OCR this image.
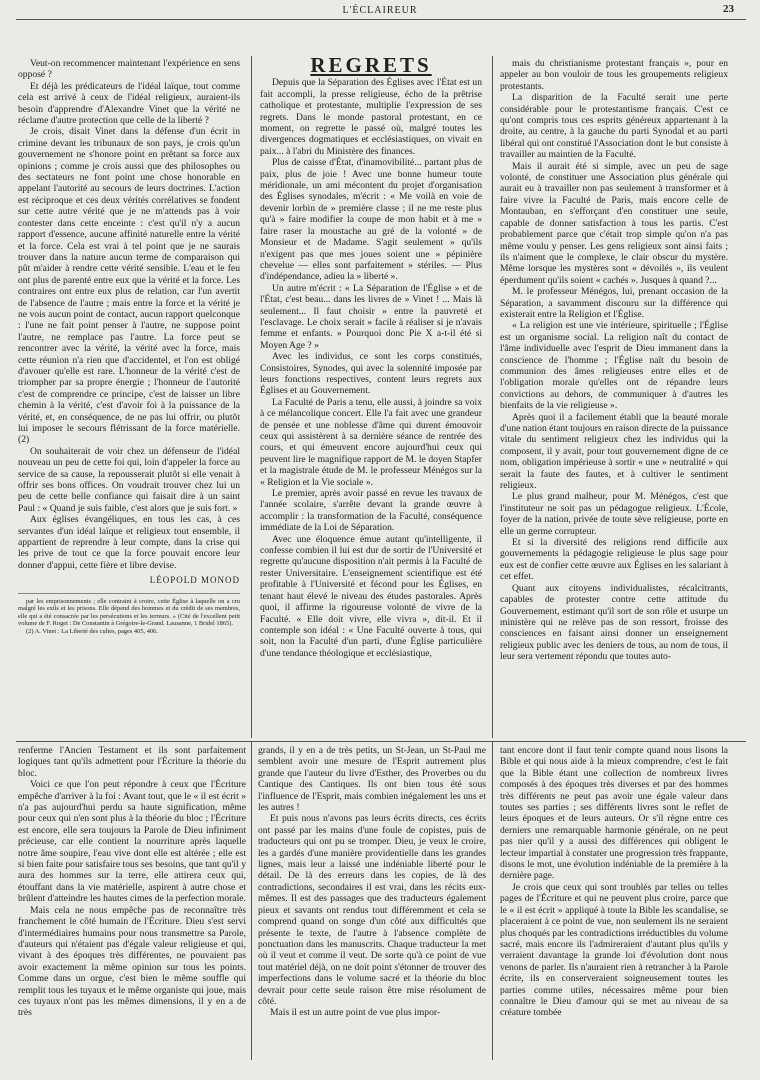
L'ÉCLAIREUR	23

Veut-on recommencer maintenant l'expérience en sens opposé ?

Et déjà les prédicateurs de l'idéal laïque, tout comme cela est arrivé à ceux de l'idéal religieux, auraient-ils besoin d'apprendre d'Alexandre Vinet que la vérité ne réclame d'autre protection que celle de la liberté ?

Je crois, disait Vinet dans la défense d'un écrit in crimine devant les tribunaux de son pays, je crois qu'un gouvernement ne s'honore point en prêtant sa force aux opinions ; comme je crois aussi que des philosophes ou des sectateurs ne font point une chose honorable en appelant l'autorité au secours de leurs doctrines. L'action est réciproque et ces deux vérités corrélatives se fondent sur cette autre vérité que je ne m'attends pas à voir contester dans cette enceinte : c'est qu'il n'y a aucun rapport d'essence, aucune affinité naturelle entre la vérité et la force. Cela est vrai à tel point que je ne saurais trouver dans la nature aucun terme de comparaison qui pût m'aider à rendre cette vérité sensible. L'eau et le feu ont plus de parenté entre eux que la vérité et la force. Les contraires ont entre eux plus de relation, car l'un avertit de l'absence de l'autre ; mais entre la force et la vérité je ne vois aucun point de contact, aucun rapport quelconque : l'une ne fait point penser à l'autre, ne suppose point l'autre, ne remplace pas l'autre. La force peut se rencontrer avec la vérité, la vérité avec la force, mais cette réunion n'a rien que d'accidentel, et l'on est obligé d'avouer qu'elle est rare. L'honneur de la vérité c'est de triompher par sa propre énergie ; l'honneur de l'autorité c'est de comprendre ce principe, c'est de laisser un libre chemin à la vérité, c'est d'avoir foi à la puissance de la vérité, et, en conséquence, de ne pas lui offrir, ou plutôt lui imposer le secours flétrissant de la force matérielle. (2)

On souhaiterait de voir chez un défenseur de l'idéal nouveau un peu de cette foi qui, loin d'appeler la force au service de sa cause, la repousserait plutôt si elle venait à offrir ses bons offices. On voudrait trouver chez lui un peu de cette belle confiance qui faisait dire à un saint Paul : « Quand je suis faible, c'est alors que je suis fort. »

Aux églises évangéliques, en tous les cas, à ces servantes d'un idéal laïque et religieux tout ensemble, il appartient de reprendre à leur compte, dans la crise qui les prive de tout ce que la force pouvait encore leur donner d'appui, cette fière et libre devise.

LÉOPOLD MONOD

par les emprisonnements ; elle contraint à croire, cette Église à laquelle on a cru malgré les exils et les prisons. Elle dépend des hommes et du crédit de ses membres, elle qui a été consacrée par les persécutions et les terreurs. » (Cité de l'excellent petit volume de F. Roget : De Constantin à Grégoire-le-Grand. Lausanne, 1 Bridel 1865).

(2) A. Vinet : La Liberté des cultes, pages 405, 406.

REGRETS

Depuis que la Séparation des Églises avec l'État est un fait accompli, la presse religieuse, écho de la prêtrise catholique et protestante, multiplie l'expression de ses regrets. Dans le monde pastoral protestant, en ce moment, on regrette le passé où, malgré toutes les divergences dogmatiques et ecclésiastiques, on vivait en paix... à l'abri du Ministère des finances.

Plus de caisse d'État, d'inamovibilité... partant plus de paix, plus de joie ! Avec une bonne humeur toute méridionale, un ami mécontent du projet d'organisation des Églises synodales, m'écrit : « Me voilà en voie de devenir lorbin de » première classe ; il ne me reste plus qu'à » faire modifier la coupe de mon habit et à me » faire raser la moustache au gré de la volonté » de Monsieur et de Madame. S'agit seulement » qu'ils n'exigent pas que mes joues soient une » pépinière chevelue — elles sont parfaitement » stériles. — Plus d'indépendance, adieu la » liberté ».

Un autre m'écrit : « La Séparation de l'Église » et de l'État, c'est beau... dans les livres de » Vinet ! ... Mais là seulement... Il faut choisir » entre la pauvreté et l'esclavage. Le choix serait » facile à réaliser si je n'avais femme et enfants. » Pourquoi donc Pie X a-t-il été si Moyen Age ? »

Avec les individus, ce sont les corps constitués, Consistoires, Synodes, qui avec la solennité imposée par leurs fonctions respectives, content leurs regrets aux Églises et au Gouvernement.

La Faculté de Paris a tenu, elle aussi, à joindre sa voix à ce mélancolique concert. Elle l'a fait avec une grandeur de pensée et une noblesse d'âme qui durent émouvoir ceux qui assistèrent à sa dernière séance de rentrée des cours, et qui émeuvent encore aujourd'hui ceux qui peuvent lire le magnifique rapport de M. le doyen Stapfer et la magistrale étude de M. le professeur Ménégos sur la « Religion et la Vie sociale ».

Le premier, après avoir passé en revue les travaux de l'année scolaire, s'arrête devant la grande œuvre à accomplir : la transformation de la Faculté, conséquence immédiate de la Loi de Séparation.

Avec une éloquence émue autant qu'intelligente, il confesse combien il lui est dur de sortir de l'Université et regrette qu'aucune disposition n'ait permis à la Faculté de rester Universitaire. L'enseignement scientifique est été profitable à l'Université et fécond pour les Églises, en tenant haut élevé le niveau des études pastorales. Après quoi, il affirme la rigoureuse volonté de vivre de la Faculté. « Elle doit vivre, elle vivra », dit-il. Et il contemple son idéal : « Une Faculté ouverte à tous, qui soit, non la Faculté d'un parti, d'une Église particulière d'une tendance théologique et ecclésiastique,

mais du christianisme protestant français », pour en appeler au bon vouloir de tous les groupements religieux protestants.

La disparition de la Faculté serait une perte considérable pour le protestantisme français. C'est ce qu'ont compris tous ces esprits généreux appartenant à la droite, au centre, à la gauche du parti Synodal et au parti libéral qui ont constitué l'Association dont le but consiste à travailler au maintien de la Faculté.

Mais il aurait été si simple, avec un peu de sage volonté, de constituer une Association plus générale qui aurait eu à travailler non pas seulement à transformer et à faire vivre la Faculté de Paris, mais encore celle de Montauban, en s'efforçant d'en constituer une seule, capable de donner satisfaction à tous les partis. C'est probablement parce que c'était trop simple qu'on n'a pas même voulu y penser. Les gens religieux sont ainsi faits ; ils n'aiment que le complexe, le clair obscur du mystère. Même lorsque les mystères sont « dévoilés », ils veulent éperdument qu'ils soient « cachés ». Jusques à quand ?...

M. le professeur Ménégos, lui, prenant occasion de la Séparation, a savamment discouru sur la différence qui existerait entre la Religion et l'Église.

« La religion est une vie intérieure, spirituelle ; l'Église est un organisme social. La religion naît du contact de l'âme individuelle avec l'esprit de Dieu immanent dans la conscience de l'homme ; l'Église naît du besoin de communion des âmes religieuses entre elles et de l'obligation morale qu'elles ont de répandre leurs convictions au dehors, de communiquer à d'autres les bienfaits de la vie religieuse ».

Après quoi il a facilement établi que la beauté morale d'une nation étant toujours en raison directe de la puissance vitale du sentiment religieux chez les individus qui la composent, il y avait, pour tout gouvernement digne de ce nom, obligation impérieuse à sortir « une » neutralité » qui serait la faute des fautes, et à cultiver le sentiment religieux.

Le plus grand malheur, pour M. Ménégos, c'est que l'instituteur ne soit pas un pédagogue religieux. L'École, foyer de la nation, privée de toute sève religieuse, porte en elle un germe corrupteur.

Et si la diversité des religions rend difficile aux gouvernements la pédagogie religieuse le plus sage pour eux est de confier cette œuvre aux Églises en les salariant à cet effet.

Quant aux citoyens individualistes, récalcitrants, capables de protester contre cette attitude du Gouvernement, estimant qu'il sort de son rôle et usurpe un ministère qui ne relève pas de son ressort, froisse des consciences en faisant ainsi donner un enseignement religieux public avec les deniers de tous, au nom de tous, il leur sera vertement répondu que toutes auto-

renferme l'Ancien Testament et ils sont parfaitement logiques tant qu'ils admettent pour l'Écriture la théorie du bloc.

Voici ce que l'on peut répondre à ceux que l'Écriture empêche d'arriver à la foi : Avant tout, que le « il est écrit » n'a pas aujourd'hui perdu sa haute signification, même pour ceux qui n'en sont plus à la théorie du bloc ; l'Écriture est encore, elle sera toujours la Parole de Dieu infiniment précieuse, car elle contient la nourriture après laquelle notre âme soupire, l'eau vive dont elle est altérée ; elle est si bien faite pour satisfaire tous ses besoins, que tant qu'il y aura des hommes sur la terre, elle attirera ceux qui, étouffant dans la vie matérielle, aspirent à autre chose et brûlent d'atteindre les hautes cimes de la perfection morale.

Mais cela ne nous empêche pas de reconnaître très franchement le côté humain de l'Écriture. Dieu s'est servi d'intermédiaires humains pour nous transmettre sa Parole, d'auteurs qui n'étaient pas d'égale valeur religieuse et qui, vivant à des époques très différentes, ne pouvaient pas avoir exactement la même opinion sur tous les points. Comme dans un orgue, c'est bien le même souffle qui remplit tous les tuyaux et le même organiste qui joue, mais ces tuyaux n'ont pas les mêmes dimensions, il y en a de très

grands, il y en a de très petits, un St-Jean, un St-Paul me semblent avoir une mesure de l'Esprit autrement plus grande que l'auteur du livre d'Esther, des Proverbes ou du Cantique des Cantiques. Ils ont bien tous été sous l'influence de l'Esprit, mais combien inégalement les uns et les autres !

Et puis nous n'avons pas leurs écrits directs, ces écrits ont passé par les mains d'une foule de copistes, puis de traducteurs qui ont pu se tromper. Dieu, je veux le croire, les a gardés d'une manière providentielle dans les grandes lignes, mais leur a laissé une indéniable liberté pour le détail. De là des erreurs dans les copies, de là des contradictions, secondaires il est vrai, dans les récits eux-mêmes. Il est des passages que des traducteurs également pieux et savants ont rendus tout différemment et cela se comprend quand on songe d'un côté aux difficultés que présente le texte, de l'autre à l'absence complète de ponctuation dans les manuscrits. Chaque traducteur la met où il veut et comme il veut. De sorte qu'à ce point de vue tout matériel déjà, on ne doit point s'étonner de trouver des imperfections dans le volume sacré et la théorie du bloc devrait pour cette seule raison être mise résolument de côté.

Mais il est un autre point de vue plus impor-

tant encore dont il faut tenir compte quand nous lisons la Bible et qui nous aide à la mieux comprendre, c'est le fait que la Bible étant une collection de nombreux livres composés à des époques très diverses et par des hommes très différents ne peut pas avoir une égale valeur dans toutes ses parties ; ses différents livres sont le reflet de leurs époques et de leurs auteurs. Or s'il règne entre ces derniers une remarquable harmonie générale, on ne peut pas nier qu'il y a aussi des différences qui obligent le lecteur impartial à constater une progression très frappante, disons le mot, une évolution indéniable de la première à la dernière page.

Je crois que ceux qui sont troublés par telles ou telles pages de l'Écriture et qui ne peuvent plus croire, parce que le « il est écrit » appliqué à toute la Bible les scandalise, se placeraient à ce point de vue, non seulement ils ne seraient plus choqués par les contradictions irréductibles du volume sacré, mais encore ils l'admireraient d'autant plus qu'ils y verraient davantage la grande loi d'évolution dont nous venons de parler. Ils n'auraient rien à retrancher à la Parole écrite, ils en conserveraient soigneusement toutes les parties comme utiles, nécessaires même pour bien connaître le Dieu d'amour qui se met au niveau de sa créature tombée
